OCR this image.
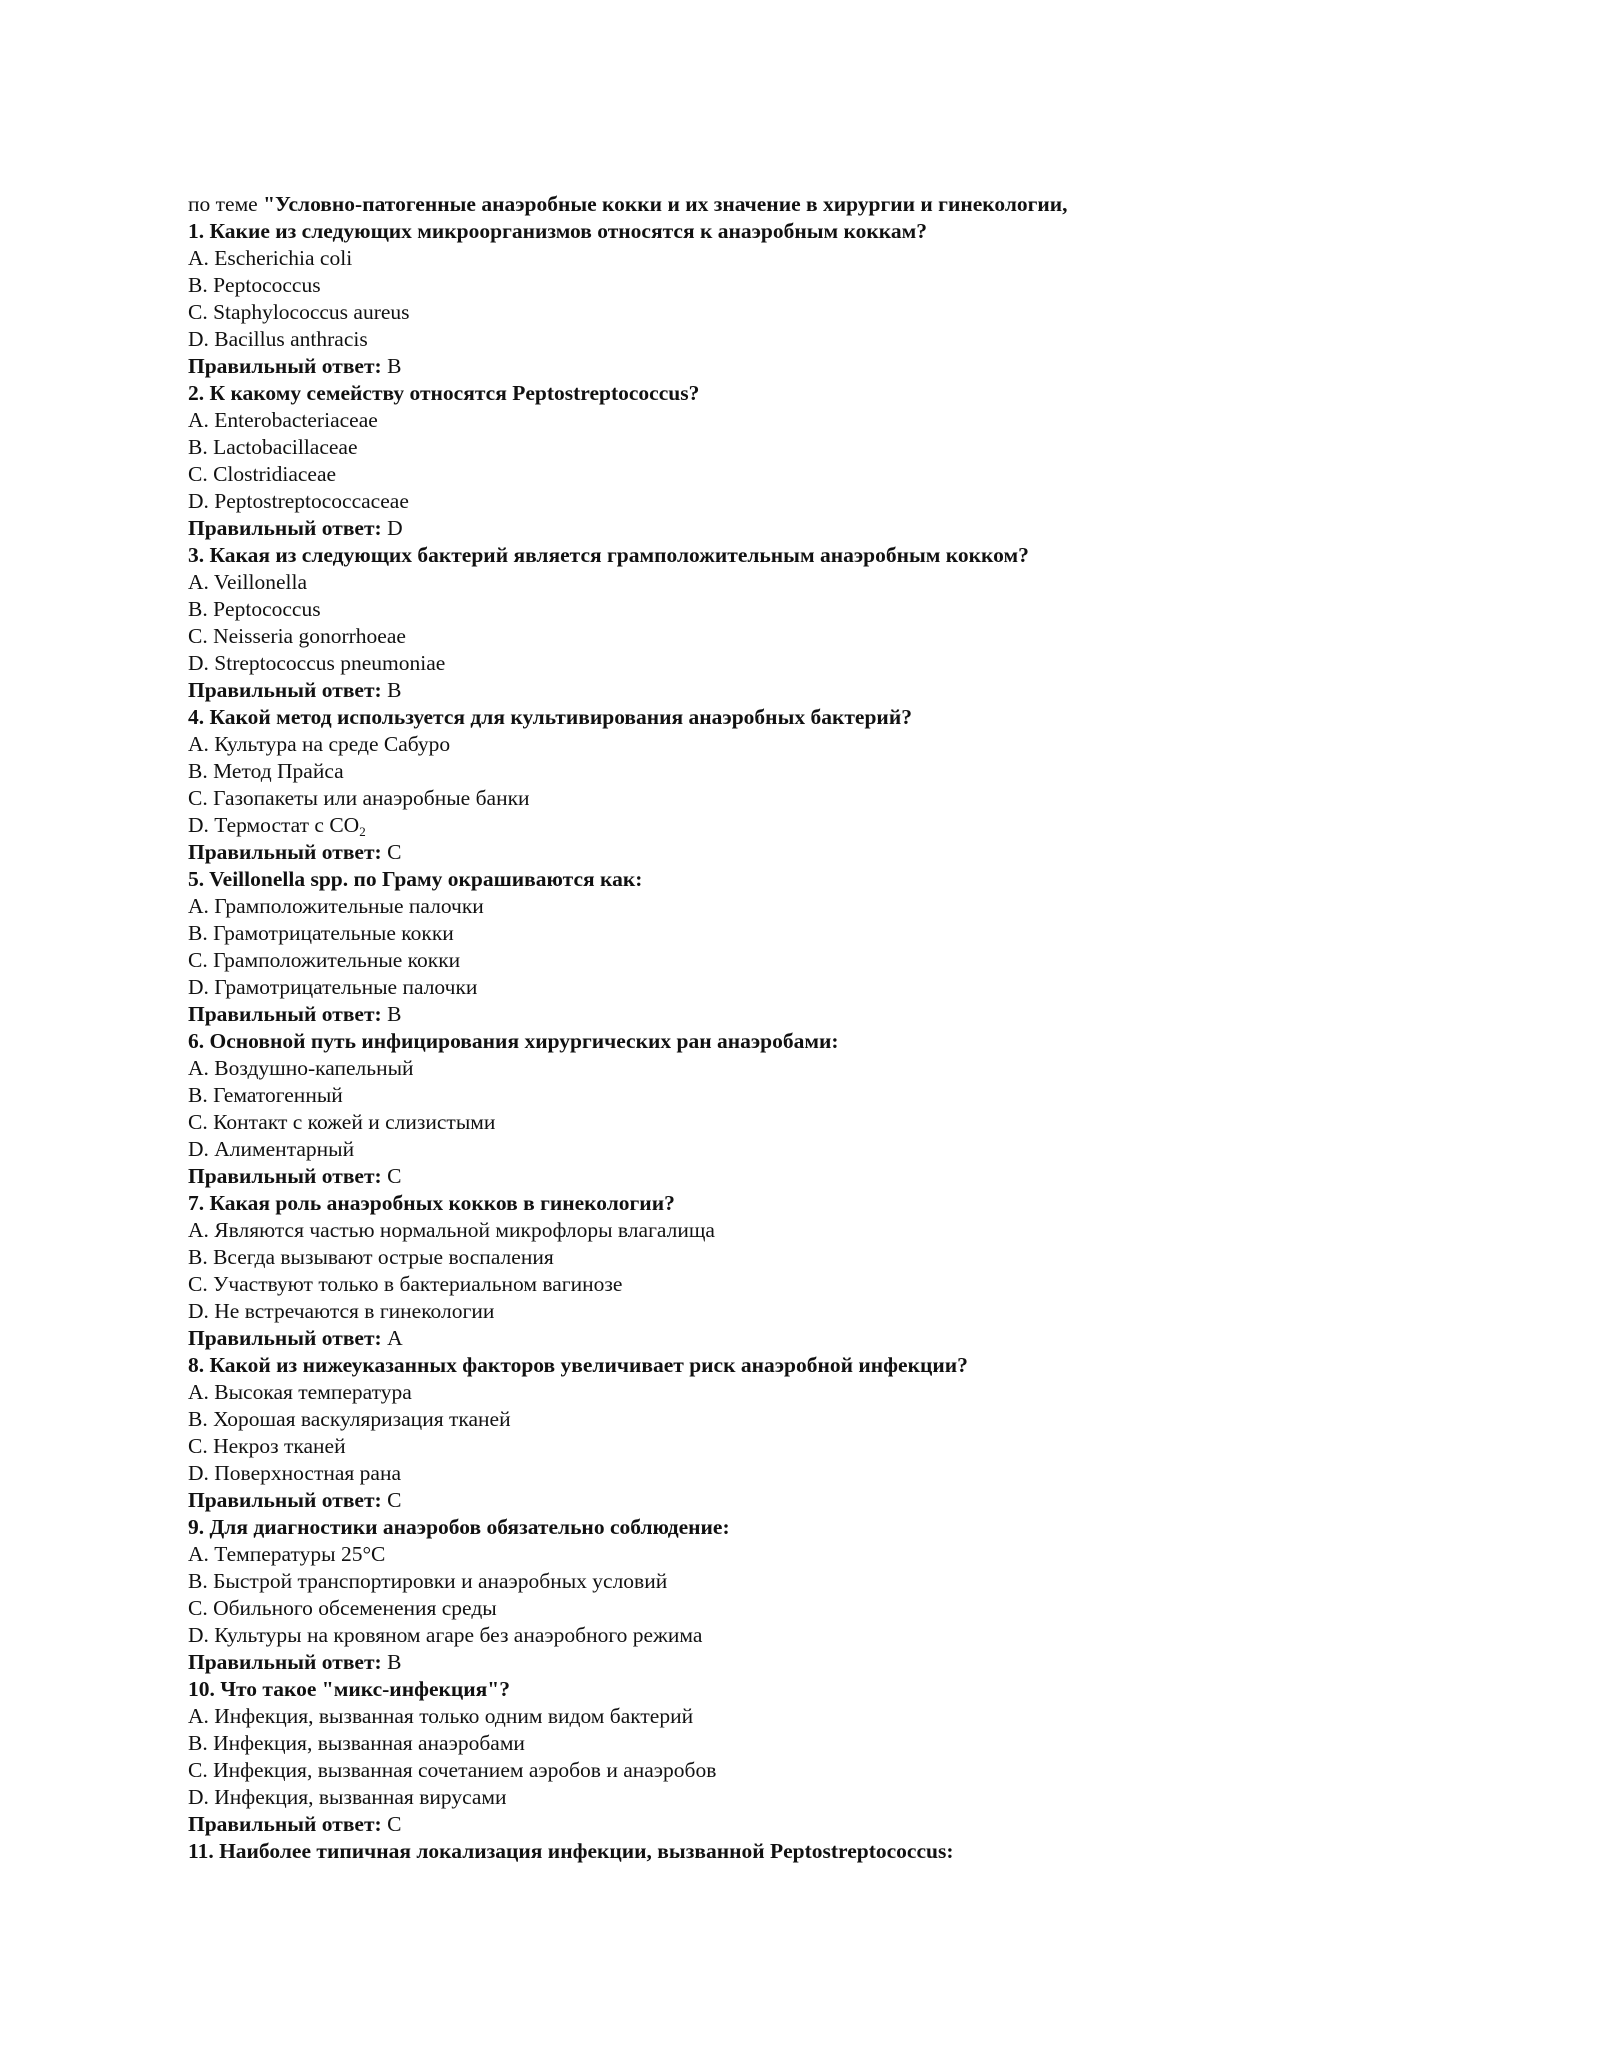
по теме "Условно-патогенные анаэробные кокки и их значение в хирургии и гинекологии,
1. Какие из следующих микроорганизмов относятся к анаэробным коккам?
A. Escherichia coli
B. Peptococcus
C. Staphylococcus aureus
D. Bacillus anthracis
Правильный ответ: B
2. К какому семейству относятся Peptostreptococcus?
A. Enterobacteriaceae
B. Lactobacillaceae
C. Clostridiaceae
D. Peptostreptococcaceae
Правильный ответ: D
3. Какая из следующих бактерий является грамположительным анаэробным кокком?
A. Veillonella
B. Peptococcus
C. Neisseria gonorrhoeae
D. Streptococcus pneumoniae
Правильный ответ: B
4. Какой метод используется для культивирования анаэробных бактерий?
A. Культура на среде Сабуро
B. Метод Прайса
C. Газопакеты или анаэробные банки
D. Термостат с $CO_2$
Правильный ответ: C
5. Veillonella spp. по Граму окрашиваются как:
A. Грамположительные палочки
B. Грамотрицательные кокки
C. Грамположительные кокки
D. Грамотрицательные палочки
Правильный ответ: B
6. Основной путь инфицирования хирургических ран анаэробами:
A. Воздушно-капельный
B. Гематогенный
C. Контакт с кожей и слизистыми
D. Алиментарный
Правильный ответ: C
7. Какая роль анаэробных кокков в гинекологии?
A. Являются частью нормальной микрофлоры влагалища
B. Всегда вызывают острые воспаления
C. Участвуют только в бактериальном вагинозе
D. Не встречаются в гинекологии
Правильный ответ: A
8. Какой из нижеуказанных факторов увеличивает риск анаэробной инфекции?
A. Высокая температура
B. Хорошая васкуляризация тканей
C. Некроз тканей
D. Поверхностная рана
Правильный ответ: C
9. Для диагностики анаэробов обязательно соблюдение:
A. Температуры 25°C
B. Быстрой транспортировки и анаэробных условий
C. Обильного обсеменения среды
D. Культуры на кровяном агаре без анаэробного режима
Правильный ответ: B
10. Что такое "микс-инфекция"?
A. Инфекция, вызванная только одним видом бактерий
B. Инфекция, вызванная анаэробами
C. Инфекция, вызванная сочетанием аэробов и анаэробов
D. Инфекция, вызванная вирусами
Правильный ответ: C
11. Наиболее типичная локализация инфекции, вызванной Peptostreptococcus:
